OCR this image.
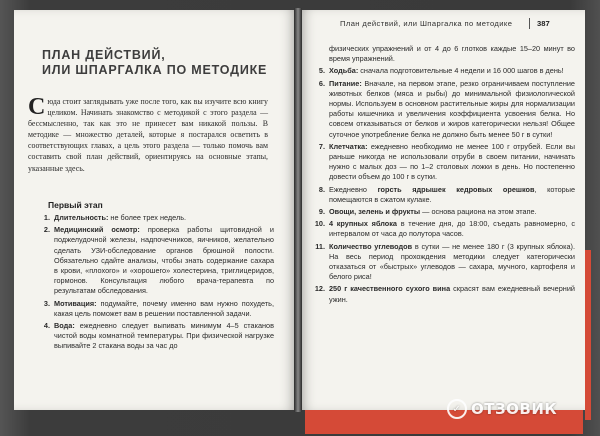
ПЛАН ДЕЙСТВИЙ,
ИЛИ ШПАРГАЛКА ПО МЕТОДИКЕ
Сюда стоит заглядывать уже после того, как вы изучите всю книгу целиком. Начинать знакомство с методикой с этого раздела — бессмысленно, так как это не принесет вам никакой пользы. В методике — множество деталей, которые я постарался осветить в соответствующих главах, а цель этого раздела — только помочь вам составить свой план действий, ориентируясь на основные этапы, указанные здесь.
Первый этап
1. Длительность: не более трех недель.
2. Медицинский осмотр: проверка работы щитовидной и поджелудочной железы, надпочечников, яичников, желательно сделать УЗИ-обследование органов брюшной полости. Обязательно сдайте анализы, чтобы знать содержание сахара в крови, «плохого» и «хорошего» холестерина, триглицеридов, гормонов. Консультация любого врача-терапевта по результатам обследования.
3. Мотивация: подумайте, почему именно вам нужно похудеть, какая цель поможет вам в решении поставленной задачи.
4. Вода: ежедневно следует выпивать минимум 4–5 стаканов чистой воды комнатной температуры. При физической нагрузке выпивайте 2 стакана воды за час до
План действий, или Шпаргалка по методике	387
физических упражнений и от 4 до 6 глотков каждые 15–20 минут во время упражнений.
5. Ходьба: сначала подготовительные 4 недели и 16 000 шагов в день!
6. Питание: Вначале, на первом этапе, резко ограничиваем поступление животных белков (мяса и рыбы) до минимальной физиологической нормы. Используем в основном растительные жиры для нормализации работы кишечника и увеличения коэффициента усвоения белка. Но совсем отказываться от белков и жиров категорически нельзя! Общее суточное употребление белка не должно быть менее 50 г в сутки!
7. Клетчатка: ежедневно необходимо не менее 100 г отрубей. Если вы раньше никогда не использовали отруби в своем питании, начинать нужно с малых доз — по 1–2 столовых ложки в день. Но постепенно довести объем до 100 г в сутки.
8. Ежедневно горсть ядрышек кедровых орешков, которые помещаются в сжатом кулаке.
9. Овощи, зелень и фрукты — основа рациона на этом этапе.
10. 4 крупных яблока в течение дня, до 18:00, съедать равномерно, с интервалом от часа до полутора часов.
11. Количество углеводов в сутки — не менее 180 г (3 крупных яблока). На весь период прохождения методики следует категорически отказаться от «быстрых» углеводов — сахара, мучного, картофеля и белого риса!
12. 250 г качественного сухого вина скрасят вам ежедневный вечерний ужин.
✓ ОТЗОВИК
